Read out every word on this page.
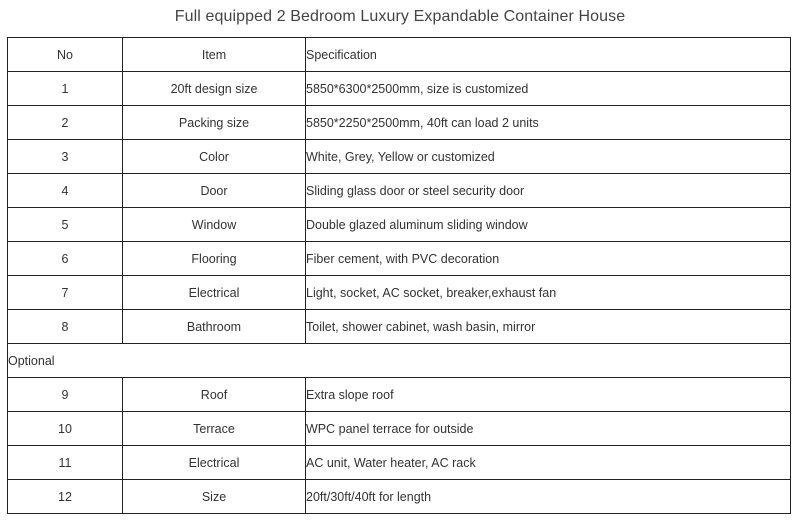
Full equipped 2 Bedroom Luxury Expandable Container House
No	Item	Specification
1	20ft design size	5850*6300*2500mm, size is customized
2	Packing size	5850*2250*2500mm, 40ft can load 2 units
3	Color	White, Grey, Yellow or customized
4	Door	Sliding glass door or steel security door
5	Window	Double glazed aluminum sliding window
6	Flooring	Fiber cement, with PVC decoration
7	Electrical	Light, socket, AC socket, breaker,exhaust fan
8	Bathroom	Toilet, shower cabinet, wash basin, mirror
Optional		
9	Roof	Extra slope roof
10	Terrace	WPC panel terrace for outside
11	Electrical	AC unit, Water heater, AC rack
12	Size	20ft/30ft/40ft for length
